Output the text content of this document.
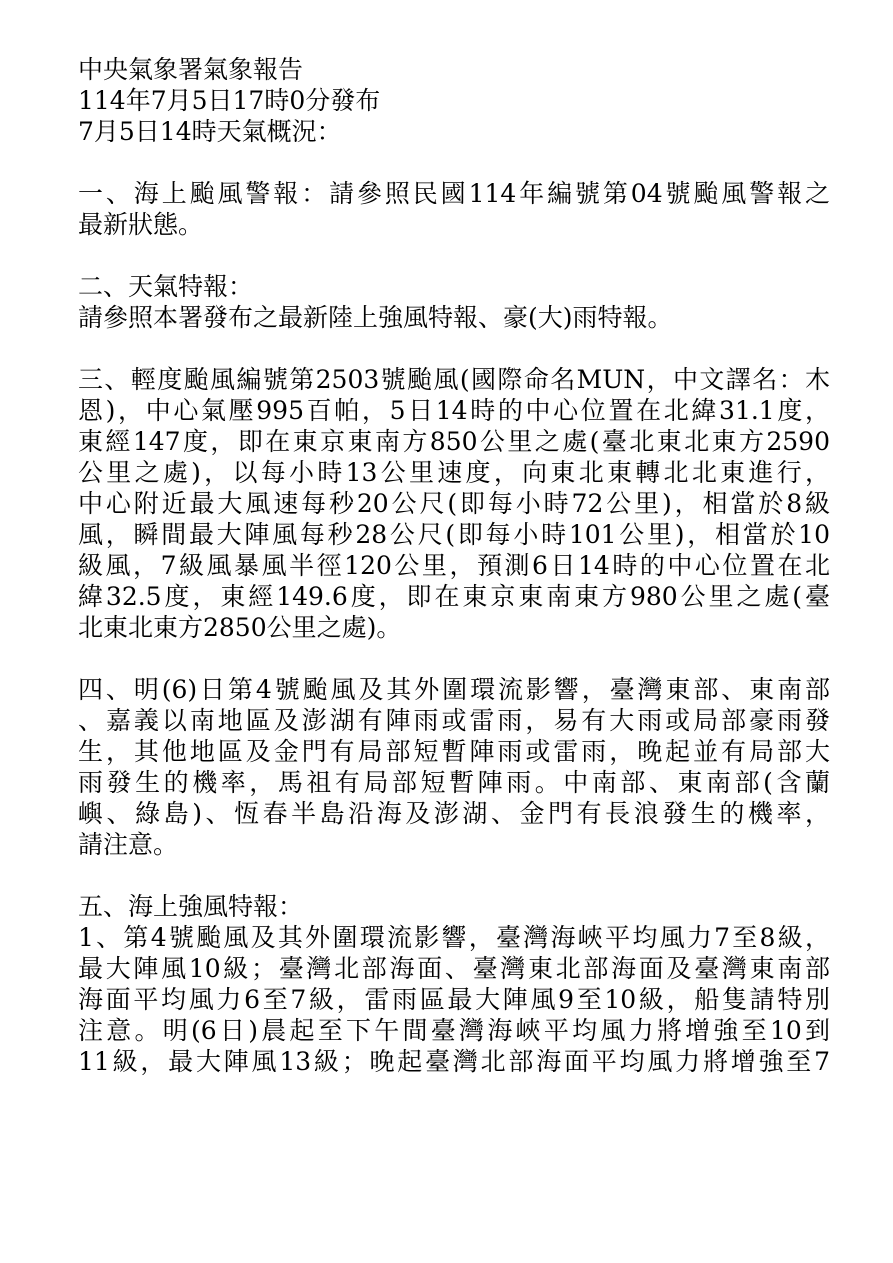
中央氣象署氣象報告
114年7月5日17時0分發布
7月5日14時天氣概況：
一、海上颱風警報：請參照民國114年編號第04號颱風警報之
最新狀態。
二、天氣特報：
請參照本署發布之最新陸上強風特報、豪(大)雨特報。
三、輕度颱風編號第2503號颱風(國際命名MUN，中文譯名：木
恩)，中心氣壓995百帕，5日14時的中心位置在北緯31.1度，
東經147度，即在東京東南方850公里之處(臺北東北東方2590
公里之處)，以每小時13公里速度，向東北東轉北北東進行，
中心附近最大風速每秒20公尺(即每小時72公里)，相當於8級
風，瞬間最大陣風每秒28公尺(即每小時101公里)，相當於10
級風，7級風暴風半徑120公里，預測6日14時的中心位置在北
緯32.5度，東經149.6度，即在東京東南東方980公里之處(臺
北東北東方2850公里之處)。
四、明(6)日第4號颱風及其外圍環流影響，臺灣東部、東南部
、嘉義以南地區及澎湖有陣雨或雷雨，易有大雨或局部豪雨發
生，其他地區及金門有局部短暫陣雨或雷雨，晚起並有局部大
雨發生的機率，馬祖有局部短暫陣雨。中南部、東南部(含蘭
嶼、綠島)、恆春半島沿海及澎湖、金門有長浪發生的機率，
請注意。
五、海上強風特報：
1、第4號颱風及其外圍環流影響，臺灣海峽平均風力7至8級，
最大陣風10級；臺灣北部海面、臺灣東北部海面及臺灣東南部
海面平均風力6至7級，雷雨區最大陣風9至10級，船隻請特別
注意。明(6日)晨起至下午間臺灣海峽平均風力將增強至10到
11級，最大陣風13級；晚起臺灣北部海面平均風力將增強至7
